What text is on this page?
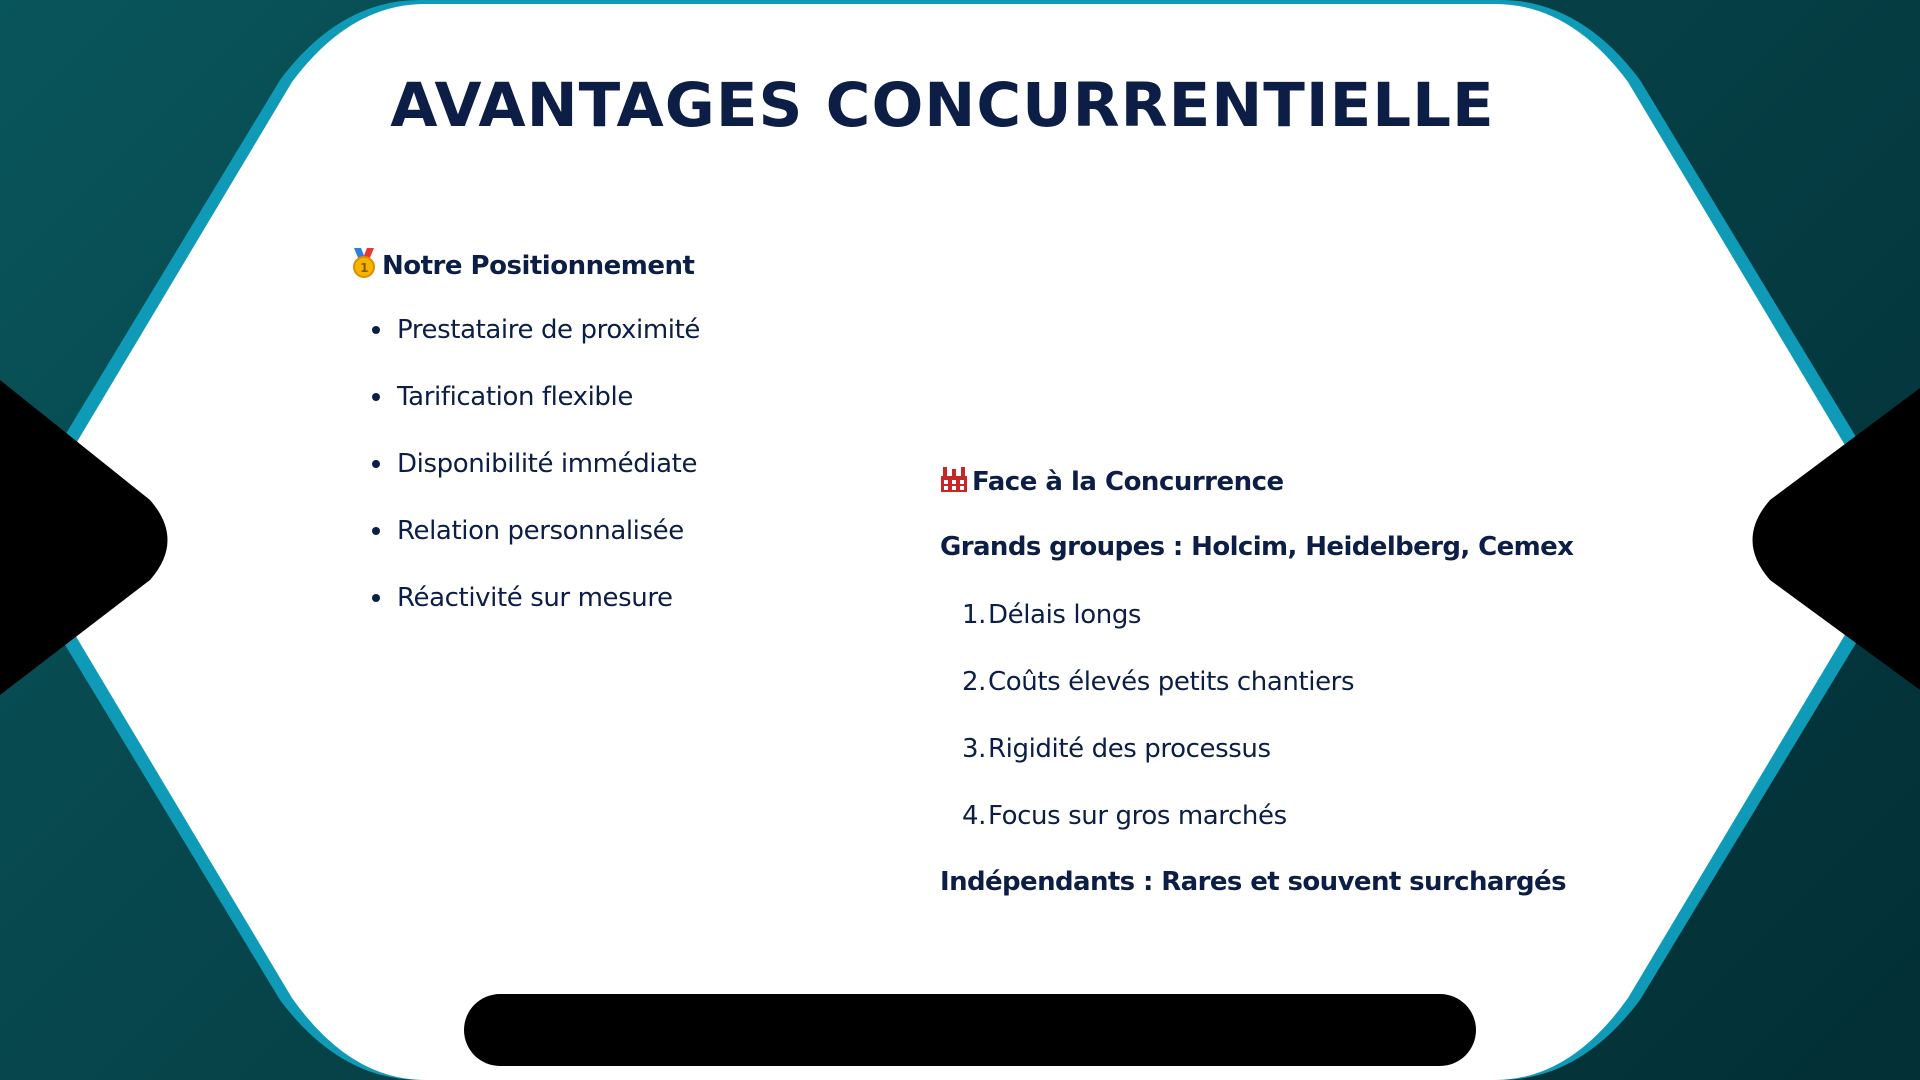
AVANTAGES CONCURRENTIELLE
1 Notre Positionnement
Prestataire de proximité
Tarification flexible
Disponibilité immédiate
Relation personnalisée
Réactivité sur mesure
Face à la Concurrence
Grands groupes : Holcim, Heidelberg, Cemex
1. Délais longs
2. Coûts élevés petits chantiers
3. Rigidité des processus
4. Focus sur gros marchés
Indépendants : Rares et souvent surchargés
